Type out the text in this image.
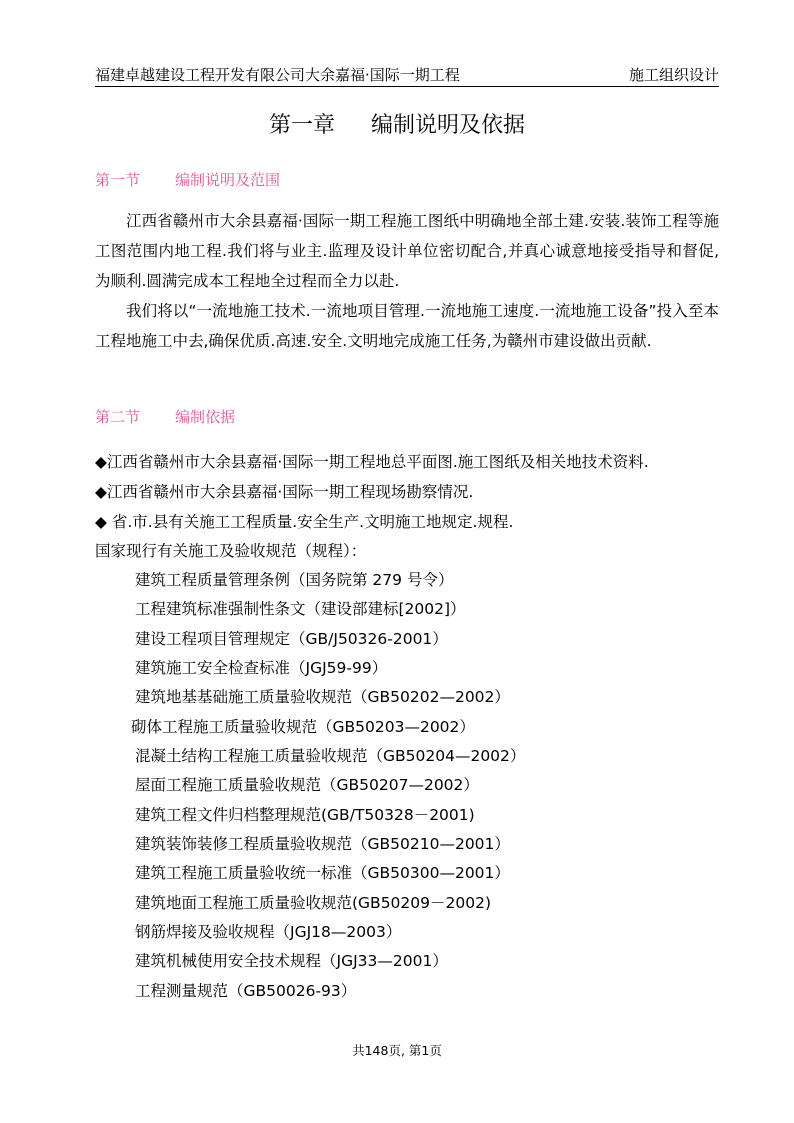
福建卓越建设工程开发有限公司大余嘉福·国际一期工程	施工组织设计
第一章 编制说明及依据
第一节 编制说明及范围
江西省赣州市大余县嘉福·国际一期工程施工图纸中明确地全部土建.安装.装饰工程等施工图范围内地工程.我们将与业主.监理及设计单位密切配合,并真心诚意地接受指导和督促,为顺利.圆满完成本工程地全过程而全力以赴.
我们将以“一流地施工技术.一流地项目管理.一流地施工速度.一流地施工设备”投入至本工程地施工中去,确保优质.高速.安全.文明地完成施工任务,为赣州市建设做出贡献.
第二节 编制依据
◆江西省赣州市大余县嘉福·国际一期工程地总平面图.施工图纸及相关地技术资料.
◆江西省赣州市大余县嘉福·国际一期工程现场勘察情况.
◆ 省.市.县有关施工工程质量.安全生产.文明施工地规定.规程.
国家现行有关施工及验收规范（规程）：
建筑工程质量管理条例（国务院第 279 号令）
工程建筑标准强制性条文（建设部建标[2002]）
建设工程项目管理规定（GB/J50326-2001）
建筑施工安全检查标准（JGJ59-99）
建筑地基基础施工质量验收规范（GB50202—2002）
砌体工程施工质量验收规范（GB50203—2002）
混凝土结构工程施工质量验收规范（GB50204—2002）
屋面工程施工质量验收规范（GB50207—2002）
建筑工程文件归档整理规范(GB/T50328－2001)
建筑装饰装修工程质量验收规范（GB50210—2001）
建筑工程施工质量验收统一标准（GB50300—2001）
建筑地面工程施工质量验收规范(GB50209－2002)
钢筋焊接及验收规程（JGJ18—2003）
建筑机械使用安全技术规程（JGJ33—2001）
工程测量规范（GB50026-93）
共148页, 第1页
